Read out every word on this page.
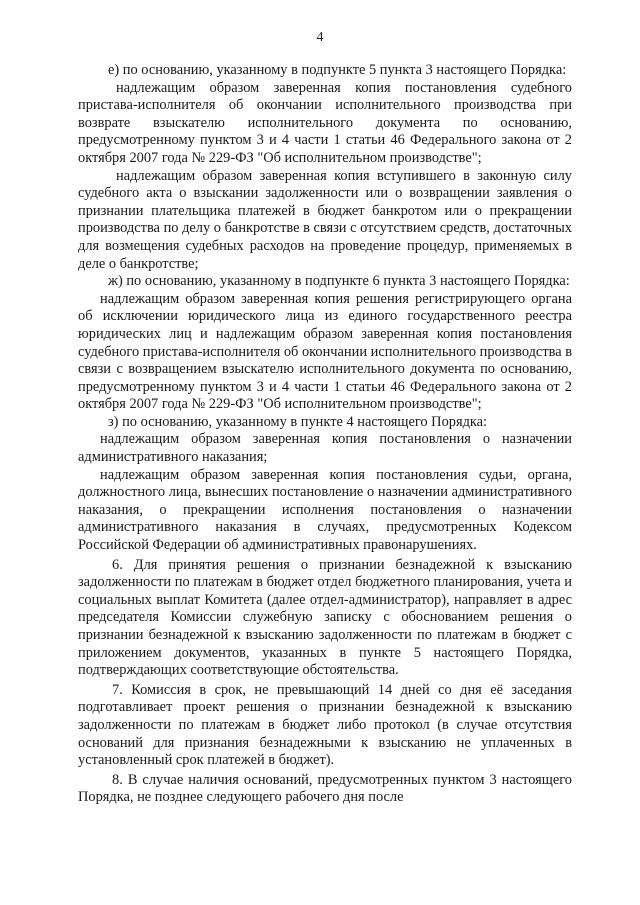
4

е) по основанию, указанному в подпункте 5 пункта 3 настоящего Порядка:

надлежащим образом заверенная копия постановления судебного пристава-исполнителя об окончании исполнительного производства при возврате взыскателю исполнительного документа по основанию, предусмотренному пунктом 3 и 4 части 1 статьи 46 Федерального закона от 2 октября 2007 года № 229-ФЗ "Об исполнительном производстве";

надлежащим образом заверенная копия вступившего в законную силу судебного акта о взыскании задолженности или о возвращении заявления о признании плательщика платежей в бюджет банкротом или о прекращении производства по делу о банкротстве в связи с отсутствием средств, достаточных для возмещения судебных расходов на проведение процедур, применяемых в деле о банкротстве;

ж) по основанию, указанному в подпункте 6 пункта 3 настоящего Порядка:

надлежащим образом заверенная копия решения регистрирующего органа об исключении юридического лица из единого государственного реестра юридических лиц и надлежащим образом заверенная копия постановления судебного пристава-исполнителя об окончании исполнительного производства в связи с возвращением взыскателю исполнительного документа по основанию, предусмотренному пунктом 3 и 4 части 1 статьи 46 Федерального закона от 2 октября 2007 года № 229-ФЗ "Об исполнительном производстве";

з) по основанию, указанному в пункте 4 настоящего Порядка:

надлежащим образом заверенная копия постановления о назначении административного наказания;

надлежащим образом заверенная копия постановления судьи, органа, должностного лица, вынесших постановление о назначении административного наказания, о прекращении исполнения постановления о назначении административного наказания в случаях, предусмотренных Кодексом Российской Федерации об административных правонарушениях.

6. Для принятия решения о признании безнадежной к взысканию задолженности по платежам в бюджет отдел бюджетного планирования, учета и социальных выплат Комитета (далее отдел-администратор), направляет в адрес председателя Комиссии служебную записку с обоснованием решения о признании безнадежной к взысканию задолженности по платежам в бюджет с приложением документов, указанных в пункте 5 настоящего Порядка, подтверждающих соответствующие обстоятельства.

7. Комиссия в срок, не превышающий 14 дней со дня её заседания подготавливает проект решения о признании безнадежной к взысканию задолженности по платежам в бюджет либо протокол (в случае отсутствия оснований для признания безнадежными к взысканию не уплаченных в установленный срок платежей в бюджет).

8. В случае наличия оснований, предусмотренных пунктом 3 настоящего Порядка, не позднее следующего рабочего дня после
